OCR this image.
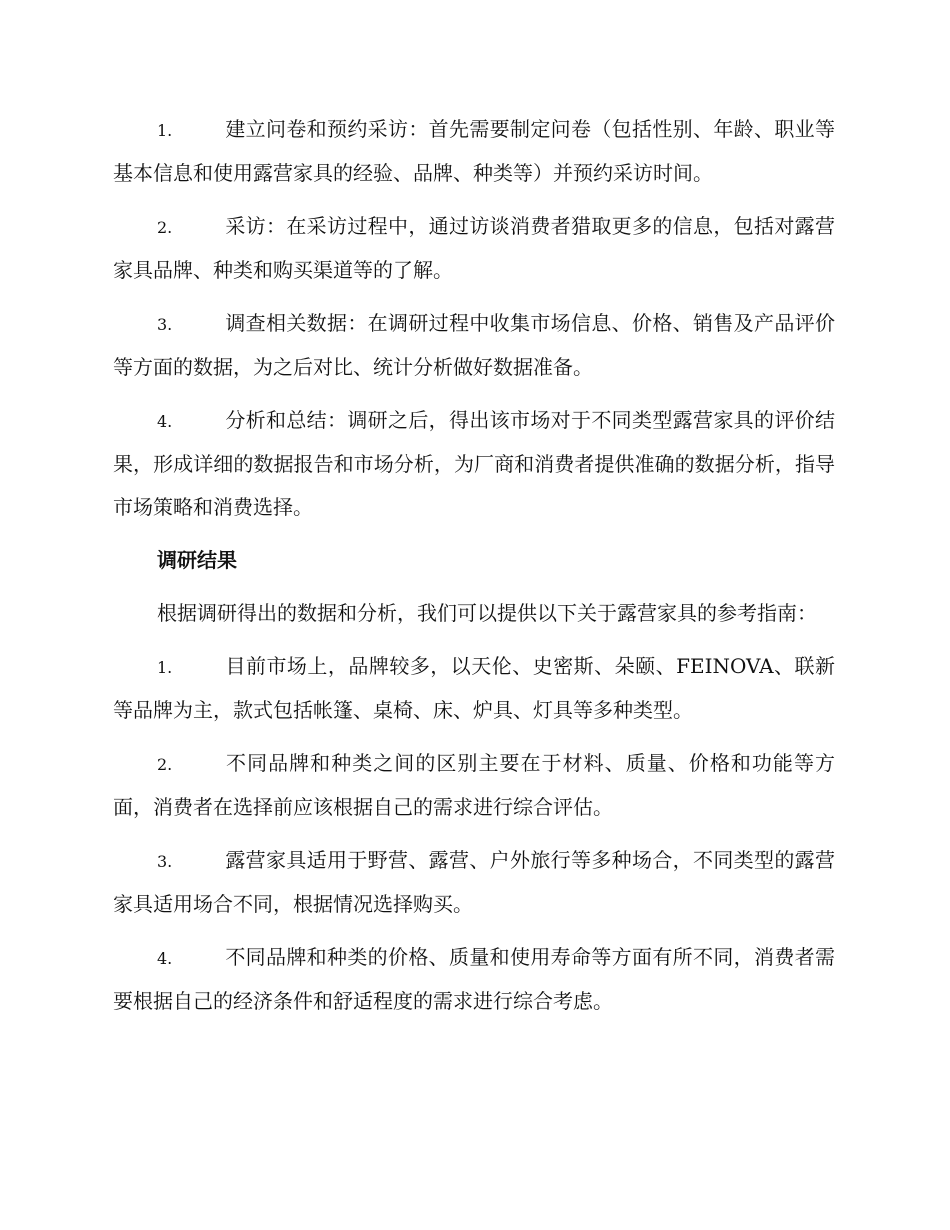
1.	建立问卷和预约采访：首先需要制定问卷（包括性别、年龄、职业等基本信息和使用露营家具的经验、品牌、种类等）并预约采访时间。

2.	采访：在采访过程中，通过访谈消费者猎取更多的信息，包括对露营家具品牌、种类和购买渠道等的了解。

3.	调查相关数据：在调研过程中收集市场信息、价格、销售及产品评价等方面的数据，为之后对比、统计分析做好数据准备。

4.	分析和总结：调研之后，得出该市场对于不同类型露营家具的评价结果，形成详细的数据报告和市场分析，为厂商和消费者提供准确的数据分析，指导市场策略和消费选择。

调研结果

根据调研得出的数据和分析，我们可以提供以下关于露营家具的参考指南：

1.	目前市场上，品牌较多，以天伦、史密斯、朵颐、FEINOVA、联新等品牌为主，款式包括帐篷、桌椅、床、炉具、灯具等多种类型。

2.	不同品牌和种类之间的区别主要在于材料、质量、价格和功能等方面，消费者在选择前应该根据自己的需求进行综合评估。

3.	露营家具适用于野营、露营、户外旅行等多种场合，不同类型的露营家具适用场合不同，根据情况选择购买。

4.	不同品牌和种类的价格、质量和使用寿命等方面有所不同，消费者需要根据自己的经济条件和舒适程度的需求进行综合考虑。
